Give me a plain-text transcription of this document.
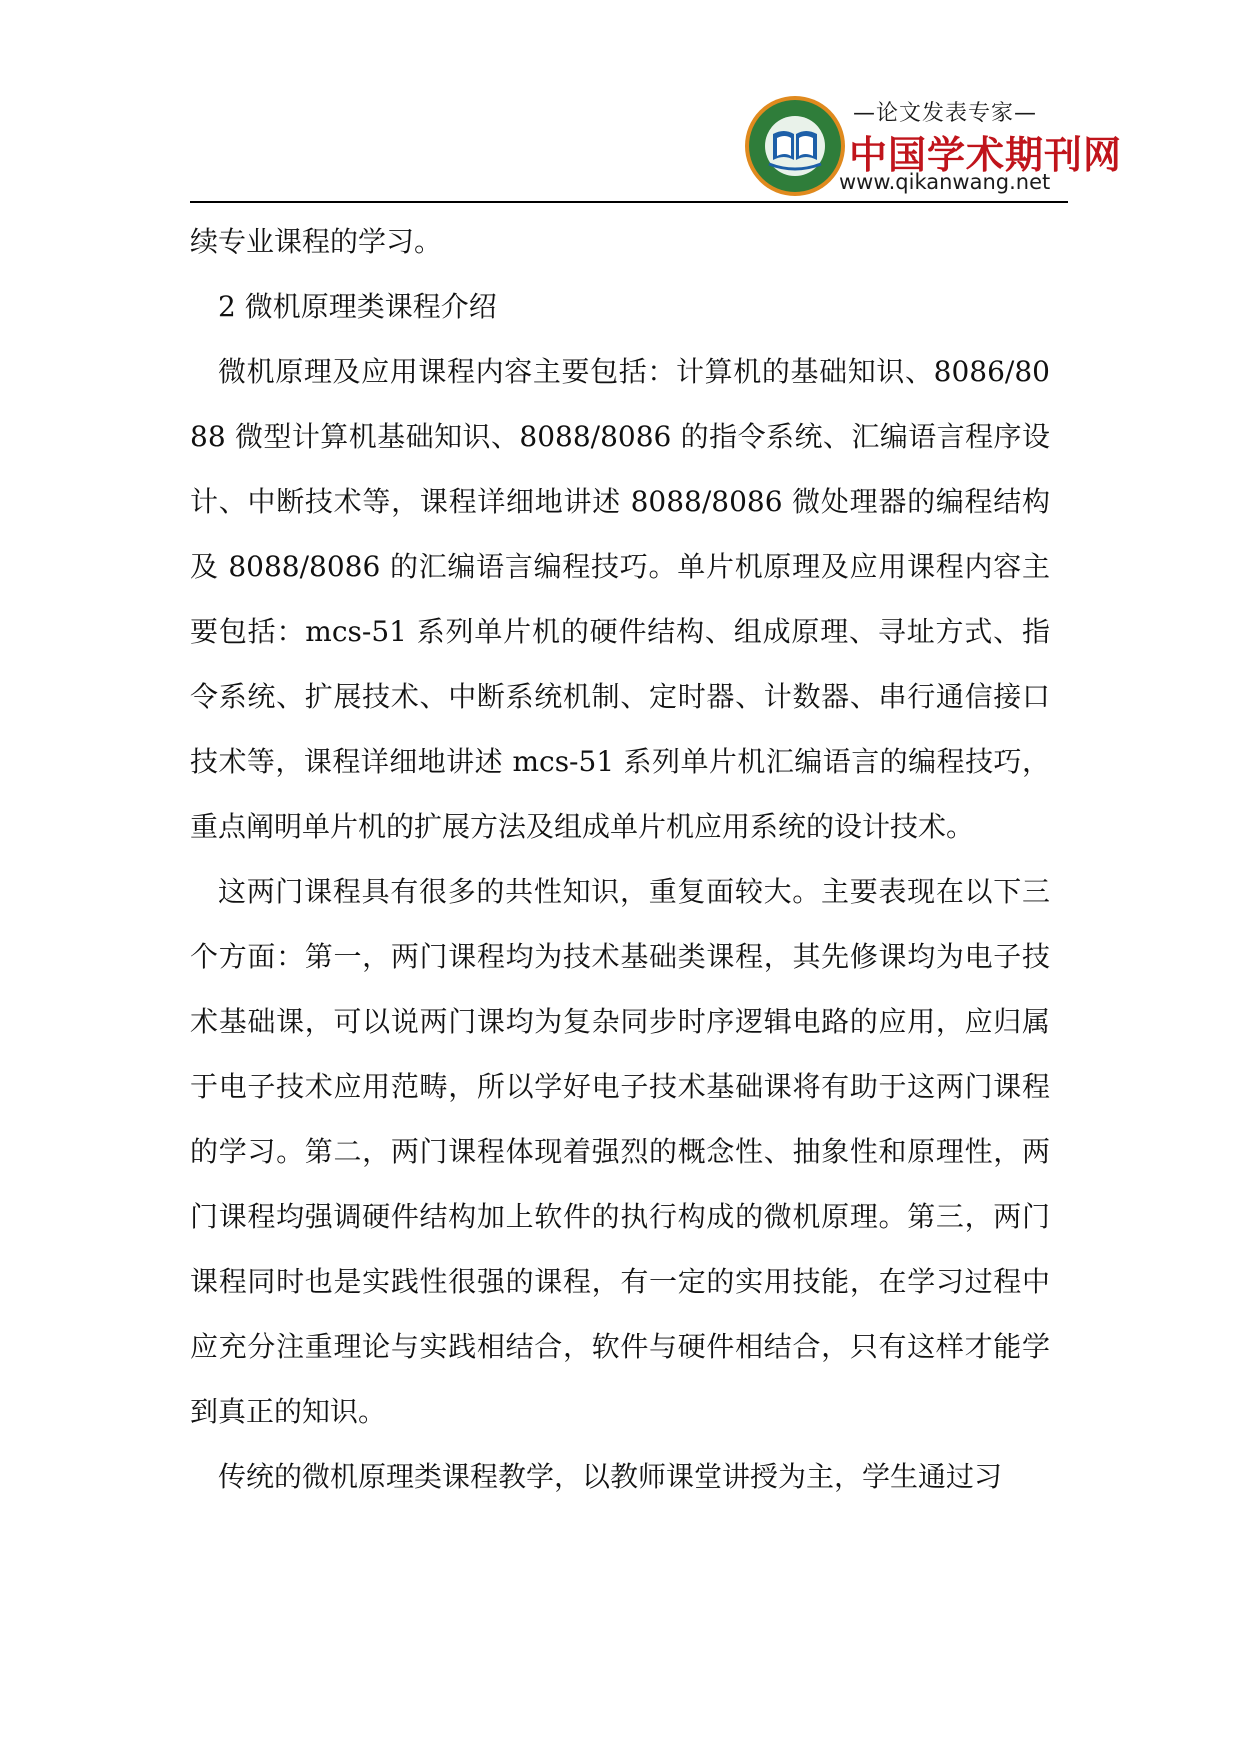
—论文发表专家—
中国学术期刊网
www.qikanwang.net

续专业课程的学习。

2 微机原理类课程介绍

微机原理及应用课程内容主要包括：计算机的基础知识、8086/8088 微型计算机基础知识、8088/8086 的指令系统、汇编语言程序设计、中断技术等，课程详细地讲述 8088/8086 微处理器的编程结构及 8088/8086 的汇编语言编程技巧。单片机原理及应用课程内容主要包括：mcs-51 系列单片机的硬件结构、组成原理、寻址方式、指令系统、扩展技术、中断系统机制、定时器、计数器、串行通信接口技术等，课程详细地讲述 mcs-51 系列单片机汇编语言的编程技巧，重点阐明单片机的扩展方法及组成单片机应用系统的设计技术。

这两门课程具有很多的共性知识，重复面较大。主要表现在以下三个方面：第一，两门课程均为技术基础类课程，其先修课均为电子技术基础课，可以说两门课均为复杂同步时序逻辑电路的应用，应归属于电子技术应用范畴，所以学好电子技术基础课将有助于这两门课程的学习。第二，两门课程体现着强烈的概念性、抽象性和原理性，两门课程均强调硬件结构加上软件的执行构成的微机原理。第三，两门课程同时也是实践性很强的课程，有一定的实用技能，在学习过程中应充分注重理论与实践相结合，软件与硬件相结合，只有这样才能学到真正的知识。

传统的微机原理类课程教学，以教师课堂讲授为主，学生通过习
